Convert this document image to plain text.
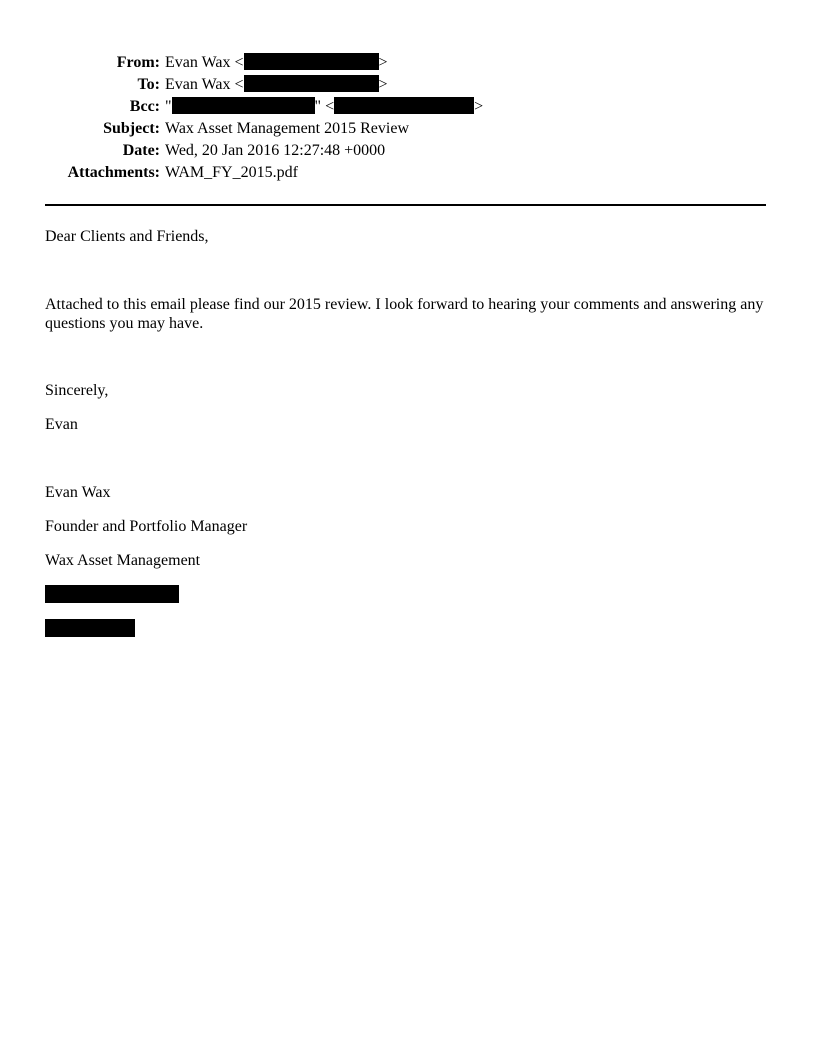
From: Evan Wax <	>
To: Evan Wax <	>
Bcc: "	" <	>
Subject: Wax Asset Management 2015 Review
Date: Wed, 20 Jan 2016 12:27:48 +0000
Attachments: WAM_FY_2015.pdf
Dear Clients and Friends,
Attached to this email please find our 2015 review. I look forward to hearing your comments and answering any questions you may have.
Sincerely,
Evan
Evan Wax
Founder and Portfolio Manager
Wax Asset Management
